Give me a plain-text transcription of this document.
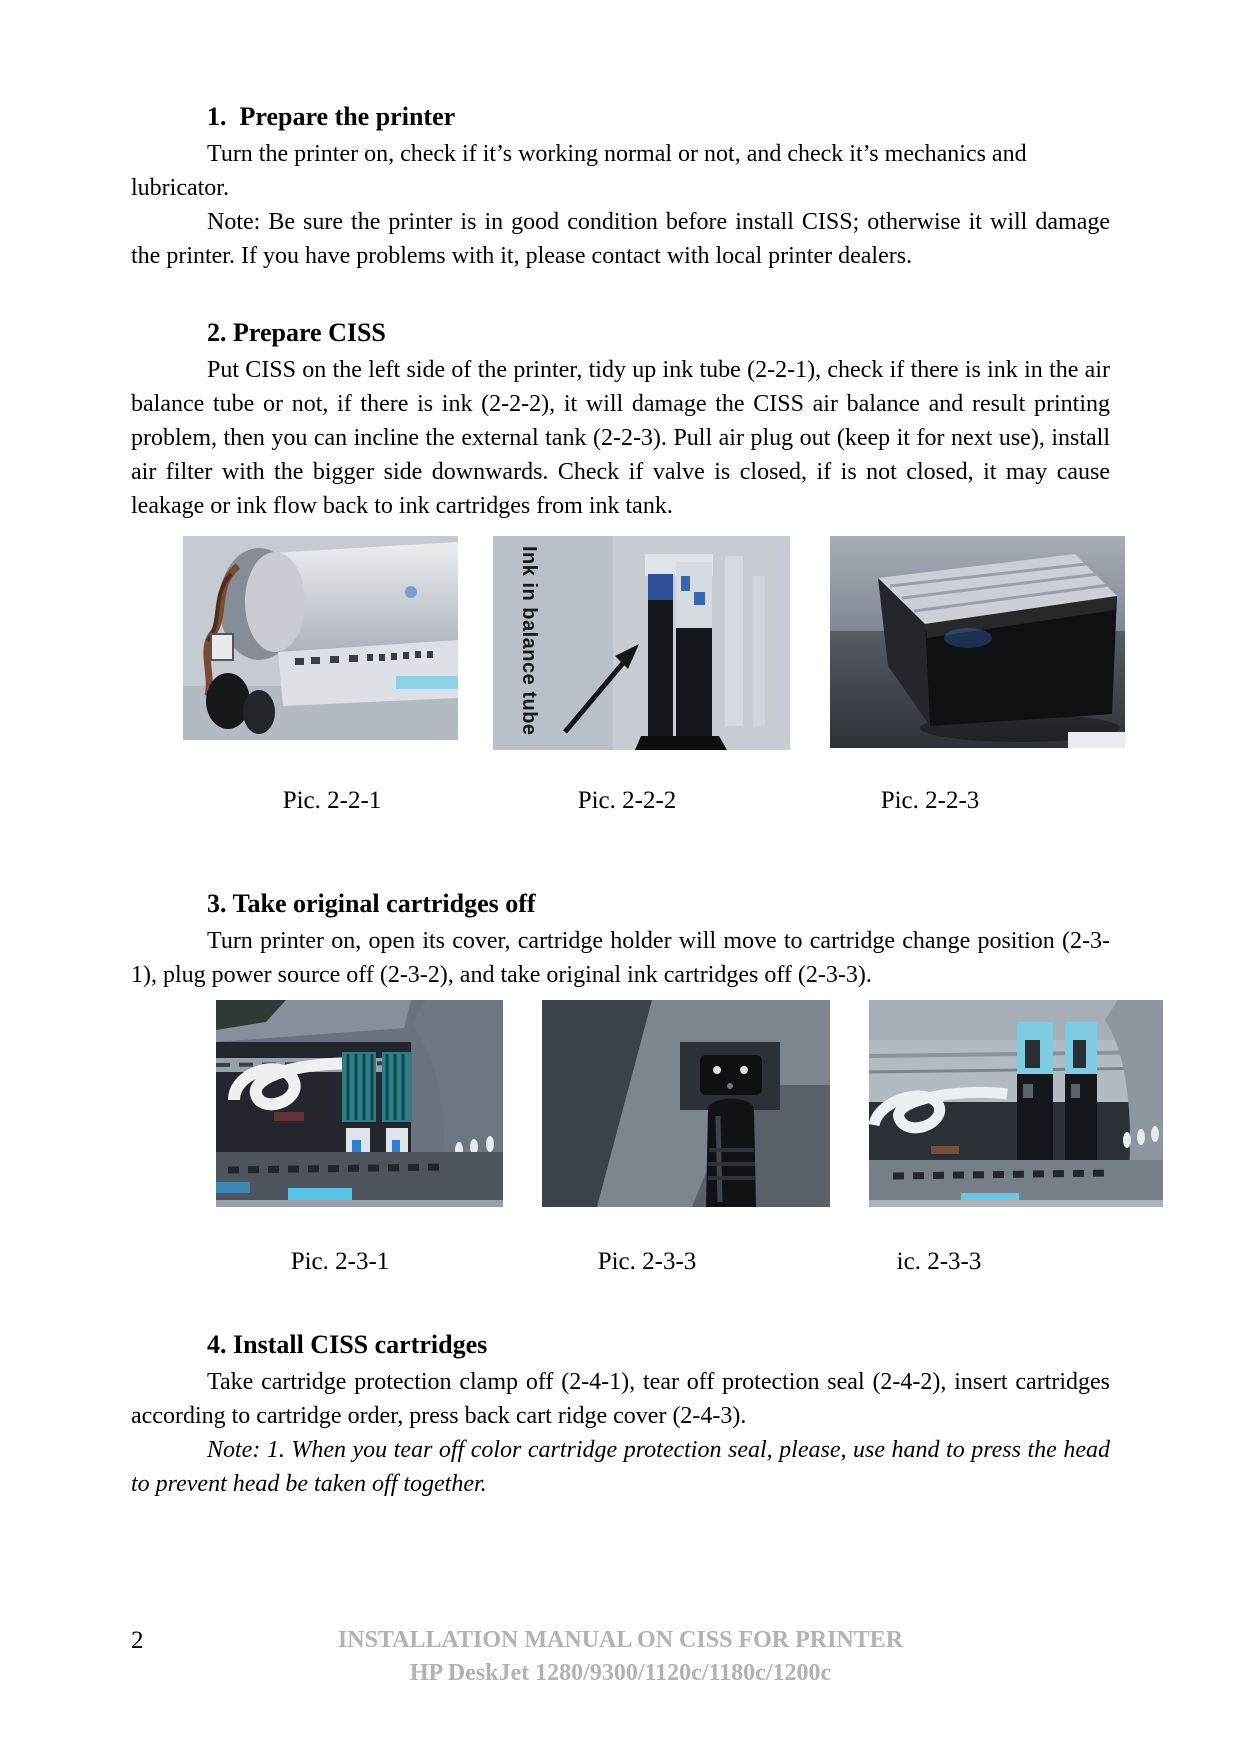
1.  Prepare the printer

Turn the printer on, check if it’s working normal or not, and check it’s mechanics and lubricator.

Note: Be sure the printer is in good condition before install CISS; otherwise it will damage the printer. If you have problems with it, please contact with local printer dealers.

2. Prepare CISS

Put CISS on the left side of the printer, tidy up ink tube (2-2-1), check if there is ink in the air balance tube or not, if there is ink (2-2-2), it will damage the CISS air balance and result printing problem, then you can incline the external tank (2-2-3). Pull air plug out (keep it for next use), install air filter with the bigger side downwards. Check if valve is closed, if is not closed, it may cause leakage or ink flow back to ink cartridges from ink tank.

Ink in balance tube
Pic. 2-2-1	Pic. 2-2-2	Pic. 2-2-3
3. Take original cartridges off

Turn printer on, open its cover, cartridge holder will move to cartridge change position (2-3-1), plug power source off (2-3-2), and take original ink cartridges off (2-3-3).

Pic. 2-3-1	Pic. 2-3-3	ic. 2-3-3
4. Install CISS cartridges

Take cartridge protection clamp off (2-4-1), tear off protection seal (2-4-2), insert cartridges according to cartridge order, press back cart ridge cover (2-4-3).

Note: 1. When you tear off color cartridge protection seal, please, use hand to press the head to prevent head be taken off together.

2	INSTALLATION MANUAL ON CISS FOR PRINTER
HP DeskJet 1280/9300/1120c/1180c/1200c
